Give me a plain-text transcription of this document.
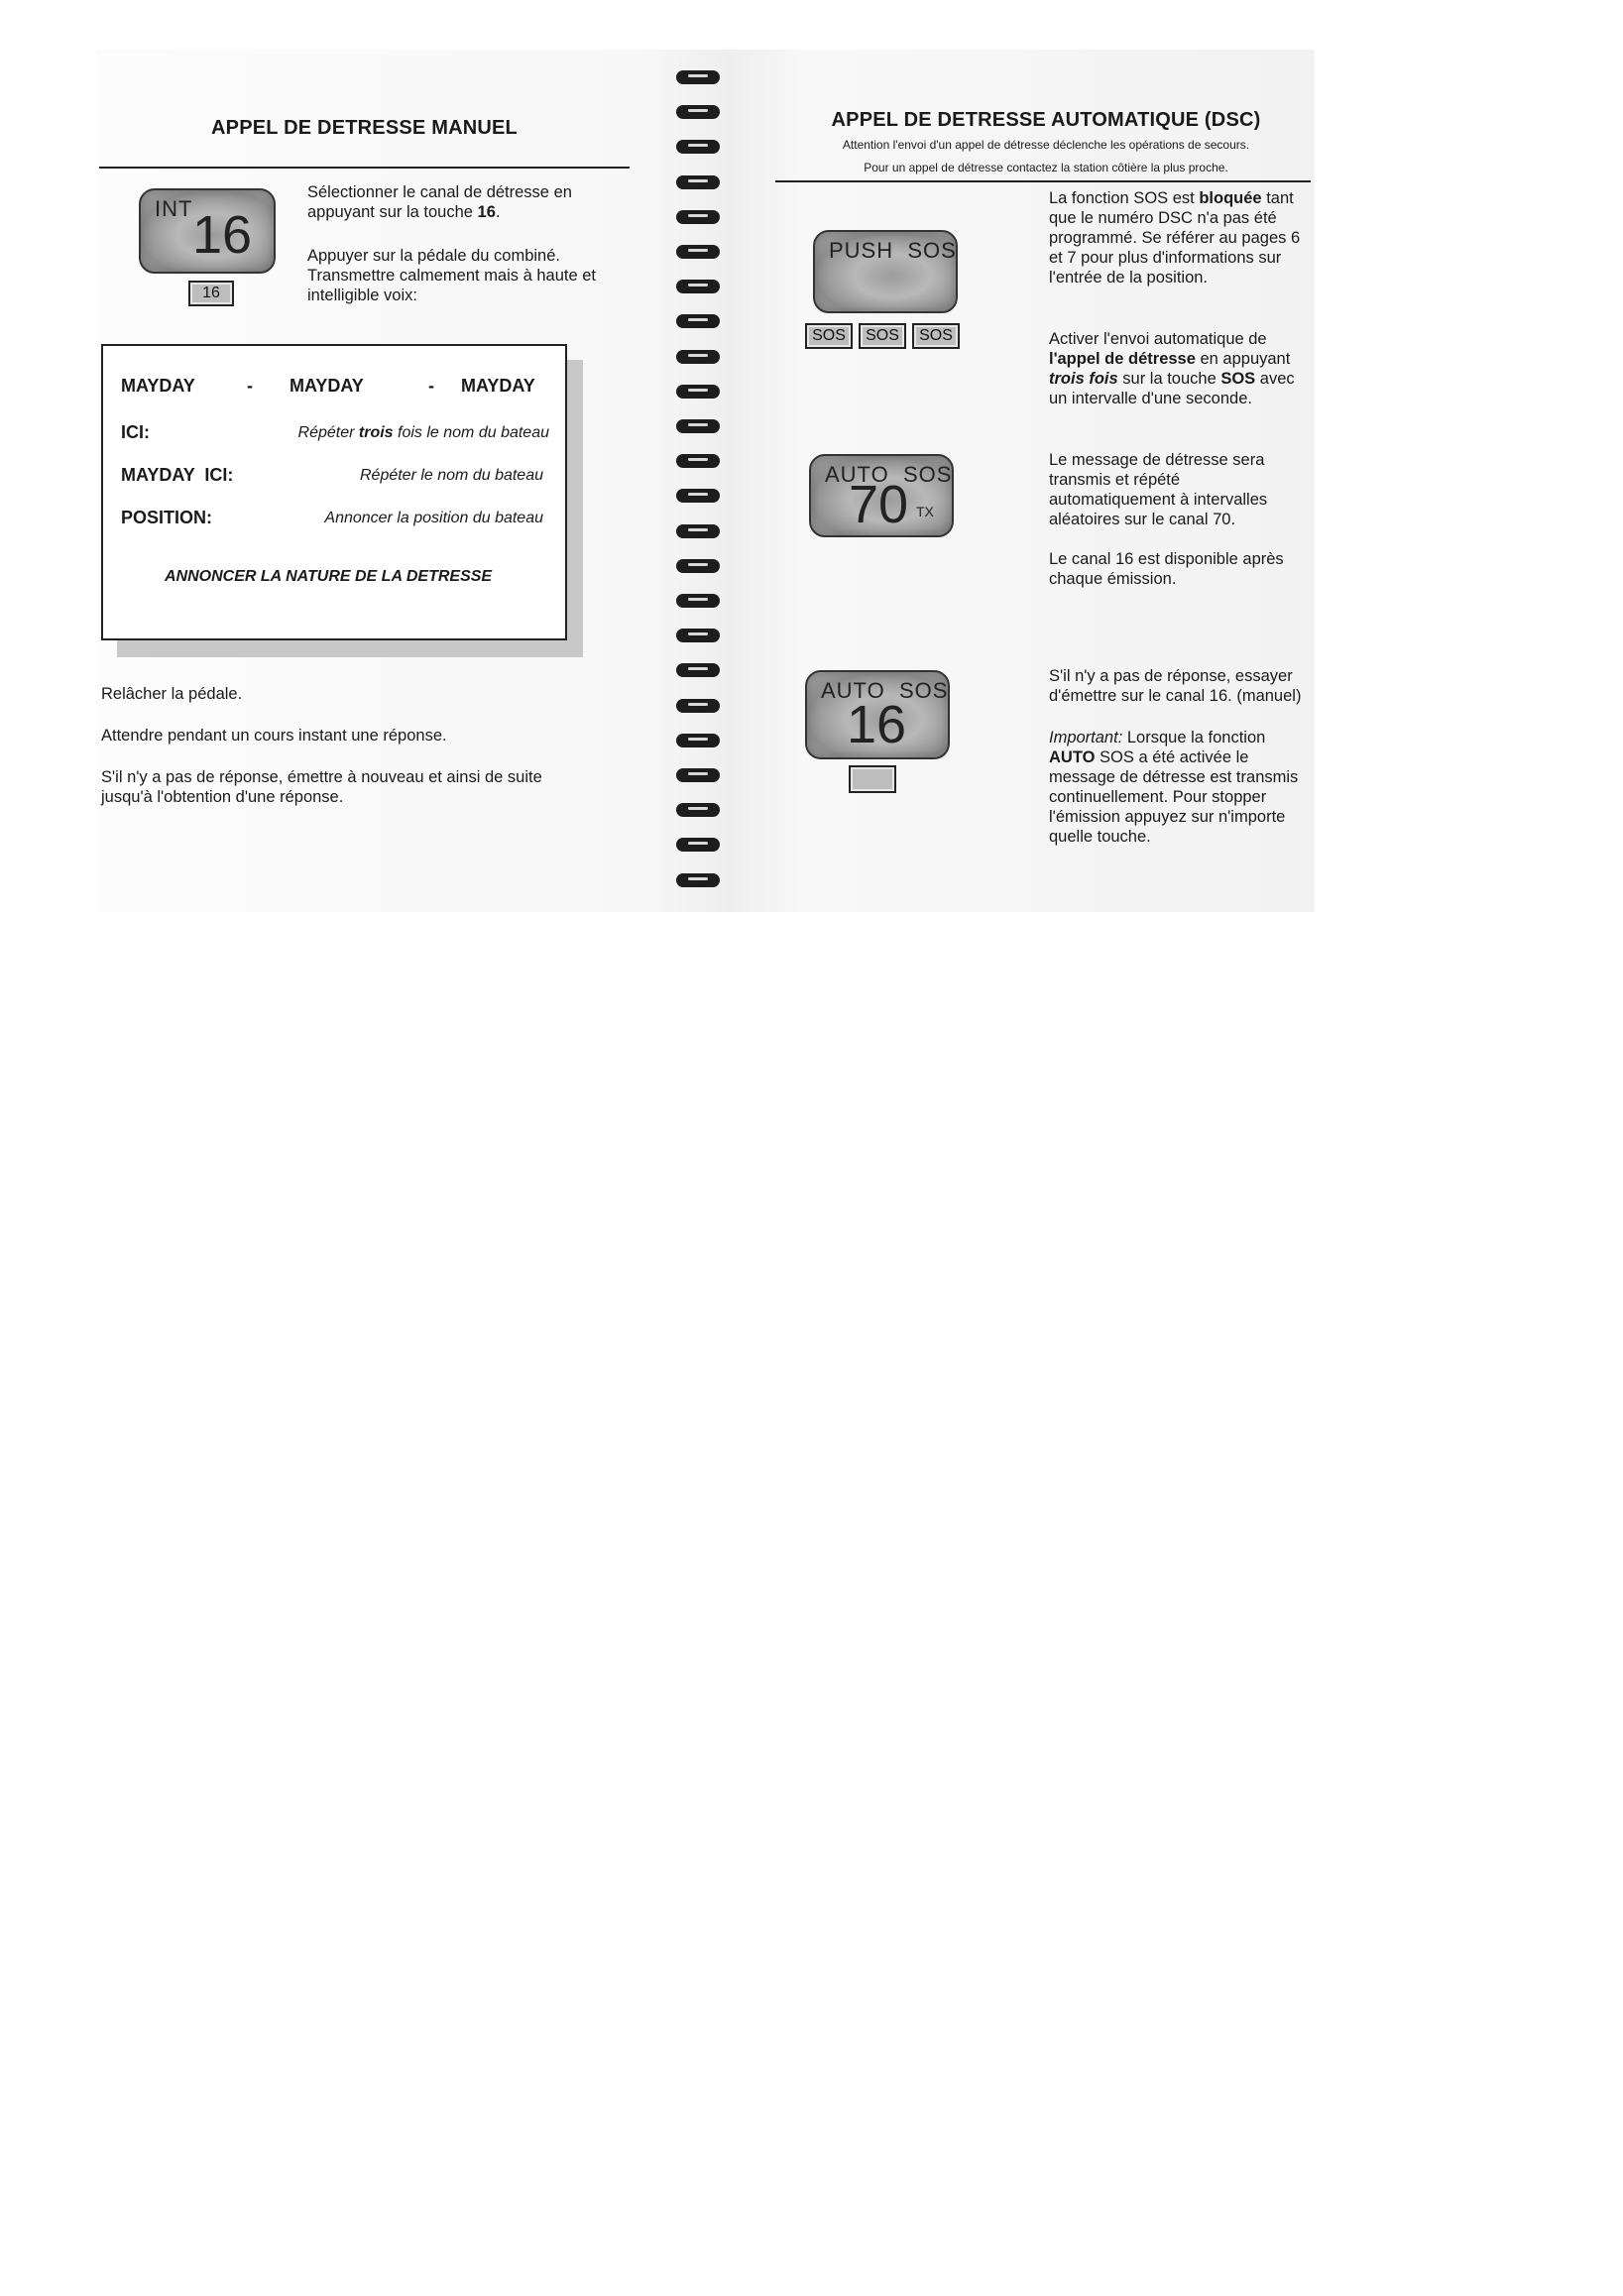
APPEL DE DETRESSE MANUEL
INT 16
16
Sélectionner le canal de détresse en appuyant sur la touche 16.
Appuyer sur la pédale du combiné. Transmettre calmement mais à haute et intelligible voix:
MAYDAY	- MAYDAY	- MAYDAY
ICI:	Répéter trois fois le nom du bateau
MAYDAY  ICI:	Répéter le nom du bateau
POSITION:	Annoncer la position du bateau
ANNONCER LA NATURE DE LA DETRESSE
Relâcher la pédale.
Attendre pendant un cours instant une réponse.
S'il n'y a pas de réponse, émettre à nouveau et ainsi de suite jusqu'à l'obtention d'une réponse.
APPEL DE DETRESSE AUTOMATIQUE (DSC)
Attention l'envoi d'un appel de détresse déclenche les opérations de secours.
Pour un appel de détresse contactez la station côtière la plus proche.
PUSH  SOS
SOS	SOS	SOS
AUTO  SOS
70 TX
AUTO  SOS
16
La fonction SOS est bloquée tant que le numéro DSC n'a pas été programmé. Se référer au pages 6 et 7 pour plus d'informations sur l'entrée de la position.
Activer l'envoi automatique de l'appel de détresse en appuyant trois fois sur la touche SOS avec un intervalle d'une seconde.
Le message de détresse sera transmis et répété automatiquement à intervalles aléatoires sur le canal 70.
Le canal 16 est disponible après chaque émission.
S'il n'y a pas de réponse, essayer d'émettre sur le canal 16. (manuel)
Important: Lorsque la fonction AUTO SOS a été activée le message de détresse est transmis continuellement. Pour stopper l'émission appuyez sur n'importe quelle touche.
